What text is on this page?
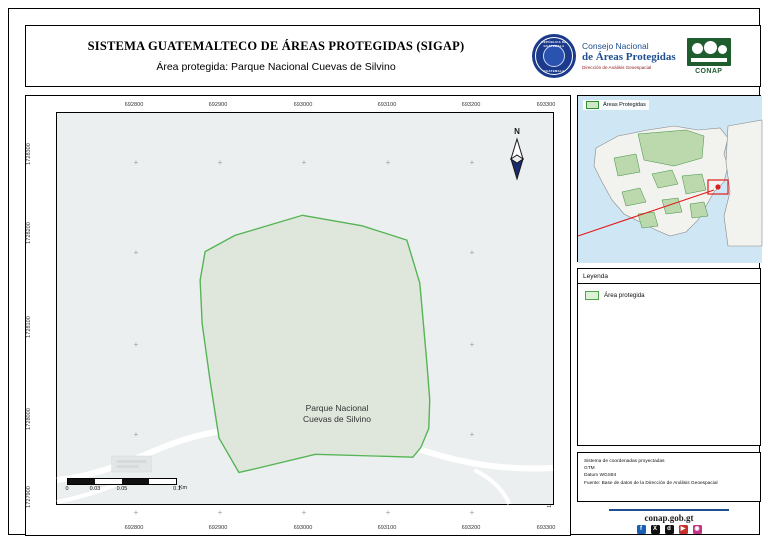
SISTEMA GUATEMALTECO DE ÁREAS PROTEGIDAS (SIGAP)
Área protegida: Parque Nacional Cuevas de Silvino
REPÚBLICA DE GUATEMALA
GUATEMALA
Consejo Nacional
de Áreas Protegidas
Dirección de Análisis Geoespacial	CONAP
692800	692900	693000	693100	693200	693300
692800	692900	693000	693100	693200	693300
1728300
1728200
1728100
1728000
1727900
+	+	+	+	+
+	+
+	+
+	+
+	+	+	+	+
Parque Nacional
Cuevas de Silvino
N
0	0.03	0.05	0.1
Km
Áreas Protegidas
Leyenda
Área protegida
Sistema de coordenadas proyectadas
GTM
Datum WGS84
Fuente: Base de datos de la Dirección de Análisis Geoespacial
conap.gob.gt
f	X	d	▶	◉
